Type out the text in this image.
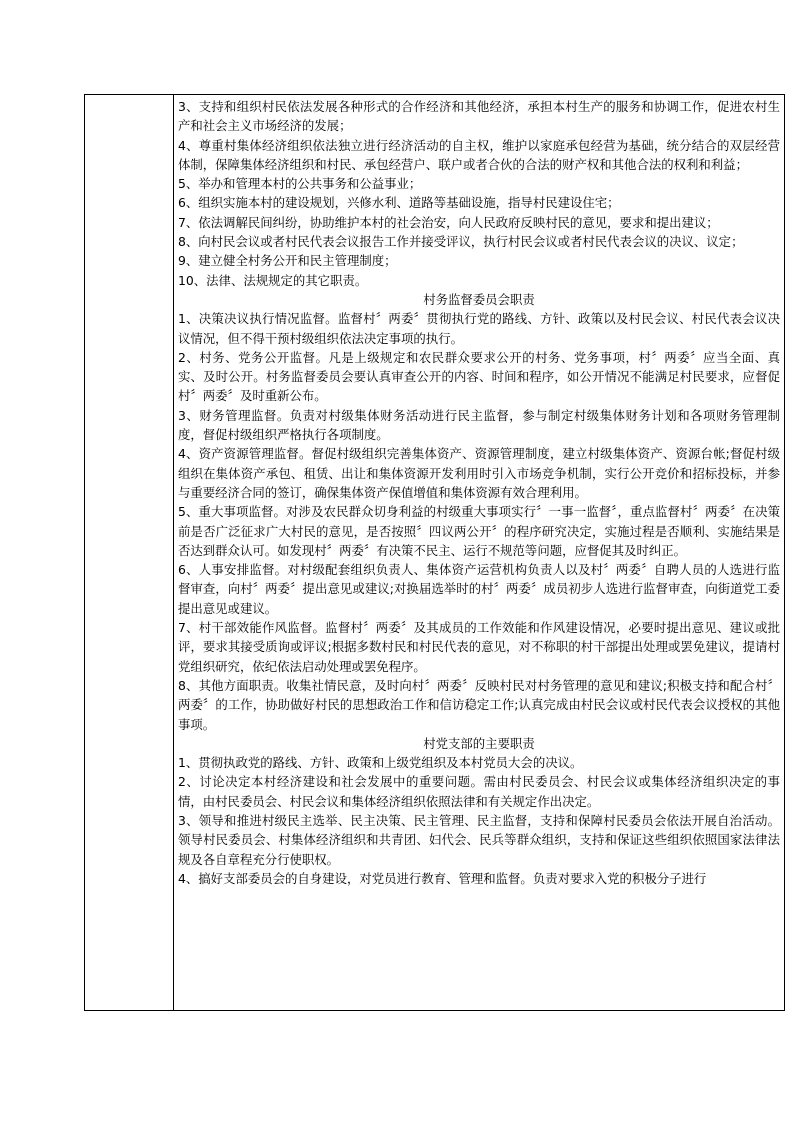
3、支持和组织村民依法发展各种形式的合作经济和其他经济，承担本村生产的服务和协调工作，促进农村生产和社会主义市场经济的发展；

4、尊重村集体经济组织依法独立进行经济活动的自主权，维护以家庭承包经营为基础，统分结合的双层经营体制，保障集体经济组织和村民、承包经营户、联户或者合伙的合法的财产权和其他合法的权利和利益；

5、举办和管理本村的公共事务和公益事业；

6、组织实施本村的建设规划，兴修水利、道路等基础设施，指导村民建设住宅；

7、依法调解民间纠纷，协助维护本村的社会治安，向人民政府反映村民的意见，要求和提出建议；

8、向村民会议或者村民代表会议报告工作并接受评议，执行村民会议或者村民代表会议的决议、议定；

9、建立健全村务公开和民主管理制度；

10、法律、法规规定的其它职责。

村务监督委员会职责

1、决策决议执行情况监督。监督村〞两委〞贯彻执行党的路线、方针、政策以及村民会议、村民代表会议决议情况，但不得干预村级组织依法决定事项的执行。

2、村务、党务公开监督。凡是上级规定和农民群众要求公开的村务、党务事项，村〞两委〞应当全面、真实、及时公开。村务监督委员会要认真审查公开的内容、时间和程序，如公开情况不能满足村民要求，应督促村〞两委〞及时重新公布。

3、财务管理监督。负责对村级集体财务活动进行民主监督，参与制定村级集体财务计划和各项财务管理制度，督促村级组织严格执行各项制度。

4、资产资源管理监督。督促村级组织完善集体资产、资源管理制度，建立村级集体资产、资源台帐;督促村级组织在集体资产承包、租赁、出让和集体资源开发利用时引入市场竞争机制，实行公开竞价和招标投标，并参与重要经济合同的签订，确保集体资产保值增值和集体资源有效合理利用。

5、重大事项监督。对涉及农民群众切身利益的村级重大事项实行〞一事一监督〞，重点监督村〞两委〞在决策前是否广泛征求广大村民的意见，是否按照〞四议两公开〞的程序研究决定，实施过程是否顺利、实施结果是否达到群众认可。如发现村〞两委〞有决策不民主、运行不规范等问题，应督促其及时纠正。

6、人事安排监督。对村级配套组织负责人、集体资产运营机构负责人以及村〞两委〞自聘人员的人选进行监督审查，向村〞两委〞提出意见或建议;对换届选举时的村〞两委〞成员初步人选进行监督审查，向街道党工委提出意见或建议。

7、村干部效能作风监督。监督村〞两委〞及其成员的工作效能和作风建设情况，必要时提出意见、建议或批评，要求其接受质询或评议;根据多数村民和村民代表的意见，对不称职的村干部提出处理或罢免建议，提请村党组织研究，依纪依法启动处理或罢免程序。

8、其他方面职责。收集社情民意，及时向村〞两委〞反映村民对村务管理的意见和建议;积极支持和配合村〞两委〞的工作，协助做好村民的思想政治工作和信访稳定工作;认真完成由村民会议或村民代表会议授权的其他事项。

村党支部的主要职责

1、贯彻执政党的路线、方针、政策和上级党组织及本村党员大会的决议。

2、讨论决定本村经济建设和社会发展中的重要问题。需由村民委员会、村民会议或集体经济组织决定的事情，由村民委员会、村民会议和集体经济组织依照法律和有关规定作出决定。

3、领导和推进村级民主选举、民主决策、民主管理、民主监督，支持和保障村民委员会依法开展自治活动。领导村民委员会、村集体经济组织和共青团、妇代会、民兵等群众组织，支持和保证这些组织依照国家法律法规及各自章程充分行使职权。

4、搞好支部委员会的自身建设，对党员进行教育、管理和监督。负责对要求入党的积极分子进行
